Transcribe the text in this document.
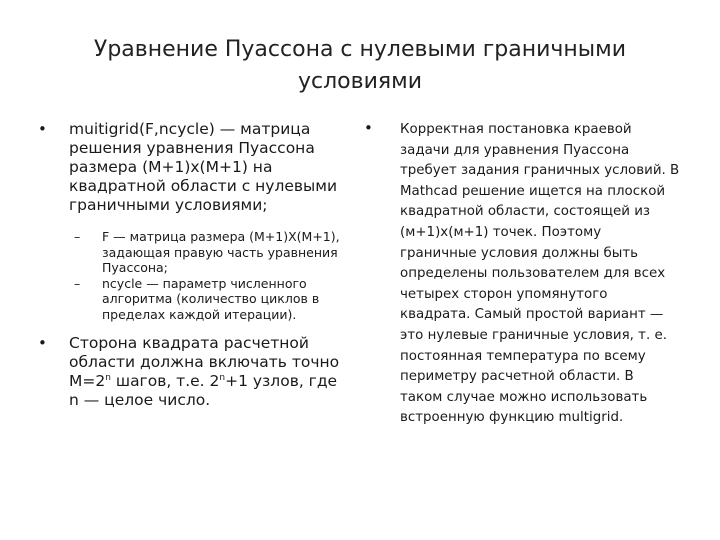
Уравнение Пуассона с нулевыми граничными условиями
• muitigrid(F,ncycle) — матрица решения уравнения Пуассона размера (М+1)х(М+1) на квадратной области с нулевыми граничными условиями;
– F — матрица размера (M+1)X(M+1), задающая правую часть уравнения Пуассона;
– ncycle — параметр численного алгоритма (количество циклов в пределах каждой итерации).
• Сторона квадрата расчетной области должна включать точно $М=2^n$ шагов, т.е. $2^n+1$ узлов, где n — целое число.
• Корректная постановка краевой задачи для уравнения Пуассона требует задания граничных условий. В Mathcad решение ищется на плоской квадратной области, состоящей из (м+1)х(м+1) точек. Поэтому граничные условия должны быть определены пользователем для всех четырех сторон упомянутого квадрата. Самый простой вариант — это нулевые граничные условия, т. е. постоянная температура по всему периметру расчетной области. В таком случае можно использовать встроенную функцию multigrid.
